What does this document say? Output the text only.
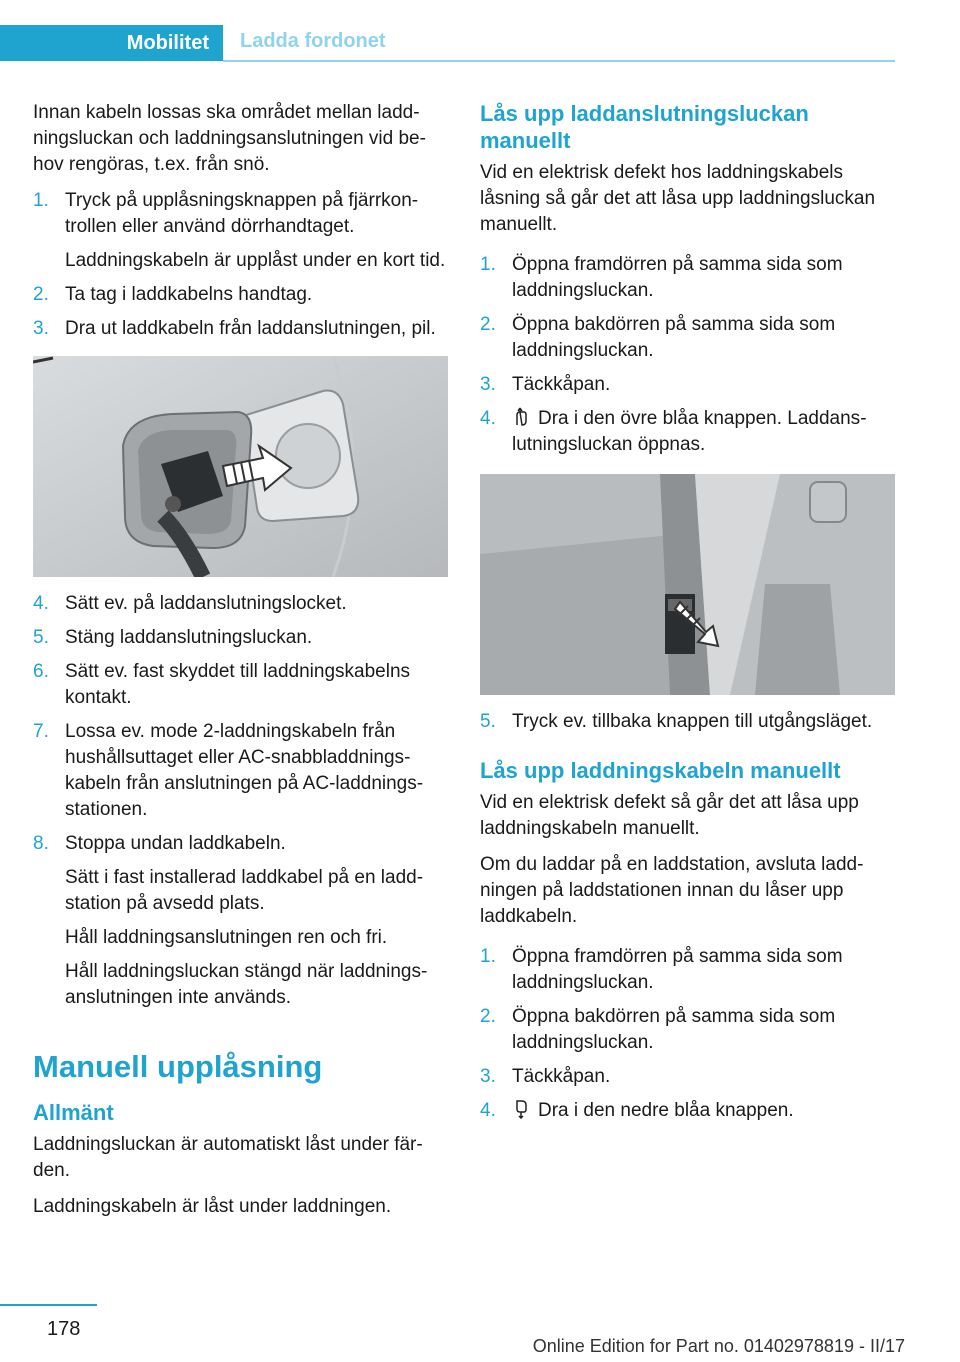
Mobilitet	Ladda fordonet

Innan kabeln lossas ska området mellan laddningsluckan och laddningsanslutningen vid behov rengöras, t.ex. från snö.

1. Tryck på upplåsningsknappen på fjärrkontrollen eller använd dörrhandtaget.
Laddningskabeln är upplåst under en kort tid.
2. Ta tag i laddkabelns handtag.
3. Dra ut laddkabeln från laddanslutningen, pil.
4. Sätt ev. på laddanslutningslocket.
5. Stäng laddanslutningsluckan.
6. Sätt ev. fast skyddet till laddningskabelns kontakt.
7. Lossa ev. mode 2-laddningskabeln från hushållsuttaget eller AC-snabbladdningskabeln från anslutningen på AC-laddningsstationen.
8. Stoppa undan laddkabeln.
Sätt i fast installerad laddkabel på en laddstation på avsedd plats.
Håll laddningsanslutningen ren och fri.
Håll laddningsluckan stängd när laddningsanslutningen inte används.
Manuell upplåsning
Allmänt

Laddningsluckan är automatiskt låst under färden.

Laddningskabeln är låst under laddningen.

Lås upp laddanslutningsluckan manuellt

Vid en elektrisk defekt hos laddningskabels låsning så går det att låsa upp laddningsluckan manuellt.

1. Öppna framdörren på samma sida som laddningsluckan.
2. Öppna bakdörren på samma sida som laddningsluckan.
3. Täckkåpan.
4. Dra i den övre blåa knappen. Laddanslutningsluckan öppnas.
5. Tryck ev. tillbaka knappen till utgångsläget.
Lås upp laddningskabeln manuellt

Vid en elektrisk defekt så går det att låsa upp laddningskabeln manuellt.

Om du laddar på en laddstation, avsluta laddningen på laddstationen innan du låser upp laddkabeln.

1. Öppna framdörren på samma sida som laddningsluckan.
2. Öppna bakdörren på samma sida som laddningsluckan.
3. Täckkåpan.
4. Dra i den nedre blåa knappen.
178
Online Edition for Part no. 01402978819 - II/17
